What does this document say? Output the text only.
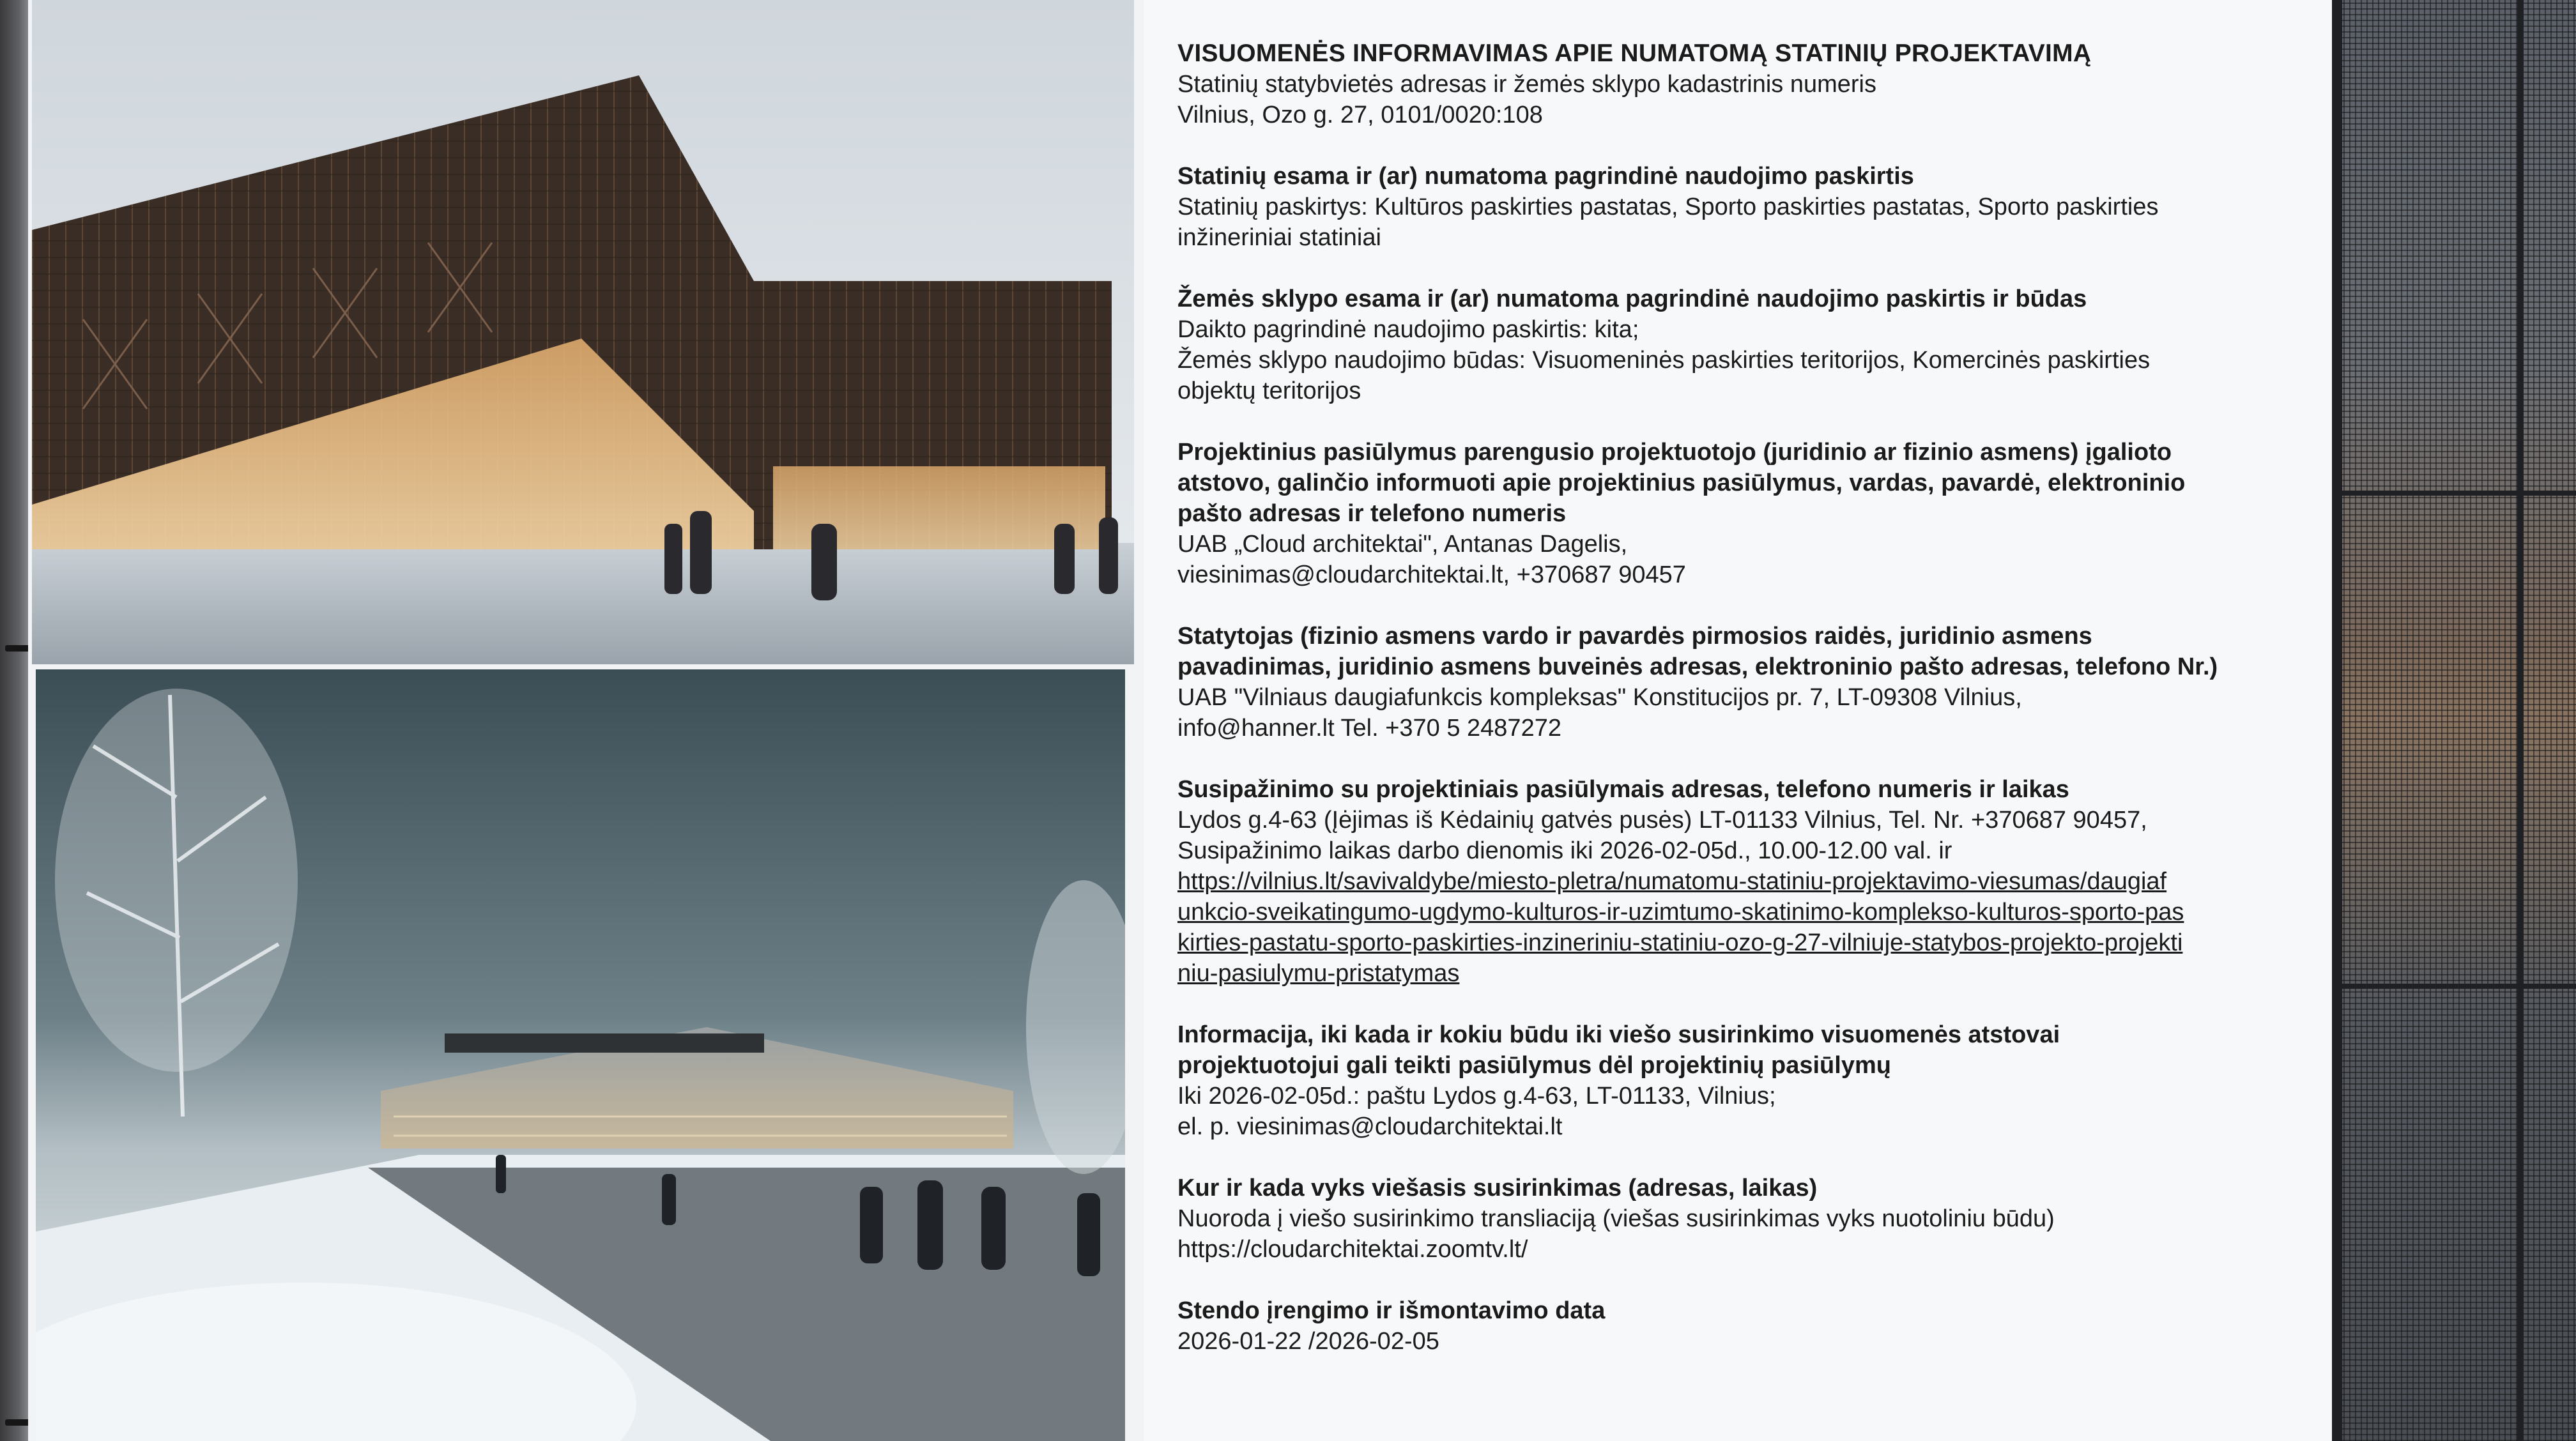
VISUOMENĖS INFORMAVIMAS APIE NUMATOMĄ STATINIŲ PROJEKTAVIMĄ
Statinių statybvietės adresas ir žemės sklypo kadastrinis numeris
Vilnius, Ozo g. 27, 0101/0020:108
Statinių esama ir (ar) numatoma pagrindinė naudojimo paskirtis
Statinių paskirtys: Kultūros paskirties pastatas, Sporto paskirties pastatas, Sporto paskirties
inžineriniai statiniai
Žemės sklypo esama ir (ar) numatoma pagrindinė naudojimo paskirtis ir būdas
Daikto pagrindinė naudojimo paskirtis: kita;
Žemės sklypo naudojimo būdas: Visuomeninės paskirties teritorijos, Komercinės paskirties
objektų teritorijos
Projektinius pasiūlymus parengusio projektuotojo (juridinio ar fizinio asmens) įgalioto
atstovo, galinčio informuoti apie projektinius pasiūlymus, vardas, pavardė, elektroninio
pašto adresas ir telefono numeris
UAB „Cloud architektai", Antanas Dagelis,
viesinimas@cloudarchitektai.lt, +370687 90457
Statytojas (fizinio asmens vardo ir pavardės pirmosios raidės, juridinio asmens
pavadinimas, juridinio asmens buveinės adresas, elektroninio pašto adresas, telefono Nr.)
UAB "Vilniaus daugiafunkcis kompleksas" Konstitucijos pr. 7, LT-09308 Vilnius,
info@hanner.lt Tel. +370 5 2487272
Susipažinimo su projektiniais pasiūlymais adresas, telefono numeris ir laikas
Lydos g.4-63 (Įėjimas iš Kėdainių gatvės pusės) LT-01133 Vilnius, Tel. Nr. +370687 90457,
Susipažinimo laikas darbo dienomis iki 2026-02-05d., 10.00-12.00 val. ir
https://vilnius.lt/savivaldybe/miesto-pletra/numatomu-statiniu-projektavimo-viesumas/daugiaf
unkcio-sveikatingumo-ugdymo-kulturos-ir-uzimtumo-skatinimo-komplekso-kulturos-sporto-pas
kirties-pastatu-sporto-paskirties-inzineriniu-statiniu-ozo-g-27-vilniuje-statybos-projekto-projekti
niu-pasiulymu-pristatymas
Informacija, iki kada ir kokiu būdu iki viešo susirinkimo visuomenės atstovai
projektuotojui gali teikti pasiūlymus dėl projektinių pasiūlymų
Iki 2026-02-05d.: paštu Lydos g.4-63, LT-01133, Vilnius;
el. p. viesinimas@cloudarchitektai.lt
Kur ir kada vyks viešasis susirinkimas (adresas, laikas)
Nuoroda į viešo susirinkimo transliaciją (viešas susirinkimas vyks nuotoliniu būdu)
https://cloudarchitektai.zoomtv.lt/
Stendo įrengimo ir išmontavimo data
2026-01-22 /2026-02-05
